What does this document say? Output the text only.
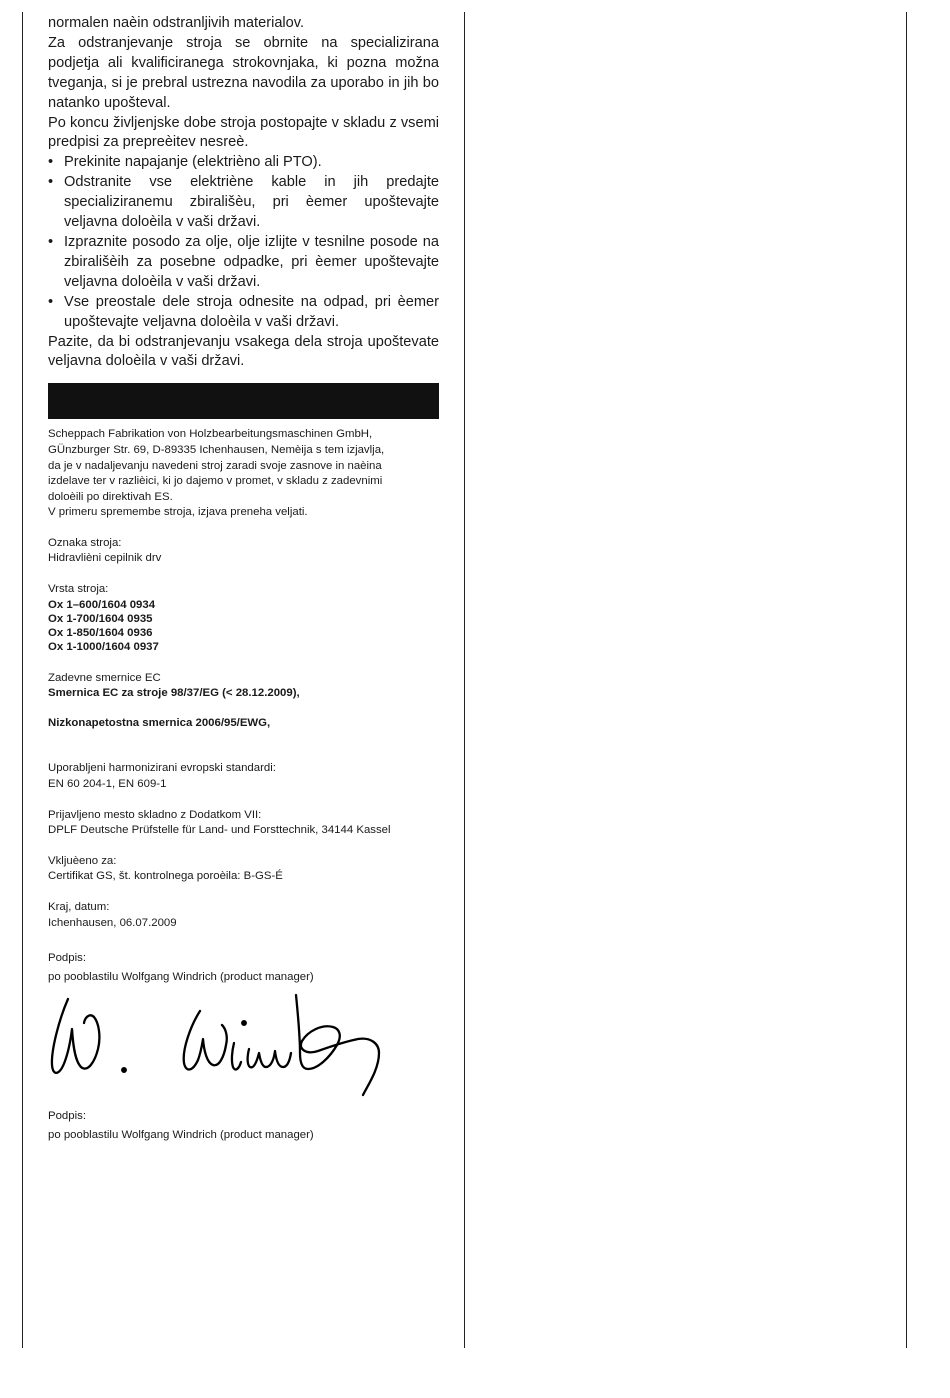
normalen naèin odstranljivih materialov.

Za odstranjevanje stroja se obrnite na specializirana podjetja ali kvalificiranega strokovnjaka, ki pozna možna tveganja, si je prebral ustrezna navodila za uporabo in jih bo natanko upošteval.

Po koncu življenjske dobe stroja postopajte v skladu z vsemi predpisi za prepreèitev nesreè.

• Prekinite napajanje (elektrièno ali PTO).
• Odstranite vse elektriène kable in jih predajte specializiranemu zbirališèu, pri èemer upoštevajte veljavna doloèila v vaši državi.
• Izpraznite posodo za olje, olje izlijte v tesnilne posode na zbirališèih za posebne odpadke, pri èemer upoštevajte veljavna doloèila v vaši državi.
• Vse preostale dele stroja odnesite na odpad, pri èemer upoštevajte veljavna doloèila v vaši državi.

Pazite, da bi odstranjevanju vsakega dela stroja upoštevate veljavna doloèila v vaši državi.

Scheppach Fabrikation von Holzbearbeitungsmaschinen GmbH,
GÜnzburger Str. 69, D-89335 Ichenhausen, Nemèija s tem izjavlja,
da je v nadaljevanju navedeni stroj zaradi svoje zasnove in naèina
izdelave ter v razlièici, ki jo dajemo v promet, v skladu z zadevnimi
doloèili po direktivah ES.
V primeru spremembe stroja, izjava preneha veljati.
Oznaka stroja:
Hidravlièni cepilnik drv
Vrsta stroja:
Ox 1–600/1604 0934
Ox 1-700/1604 0935
Ox 1-850/1604 0936
Ox 1-1000/1604 0937
Zadevne smernice EC
Smernica EC za stroje 98/37/EG (< 28.12.2009),
Nizkonapetostna smernica 2006/95/EWG,
Uporabljeni harmonizirani evropski standardi:
EN 60 204-1, EN 609-1
Prijavljeno mesto skladno z Dodatkom VII:
DPLF Deutsche Prüfstelle für Land- und Forsttechnik, 34144 Kassel
Vkljuèeno za:
Certifikat GS, št. kontrolnega poroèila: B-GS-É
Kraj, datum:
Ichenhausen, 06.07.2009
Podpis:
po pooblastilu Wolfgang Windrich (product manager)
Podpis:
po pooblastilu Wolfgang Windrich (product manager)
